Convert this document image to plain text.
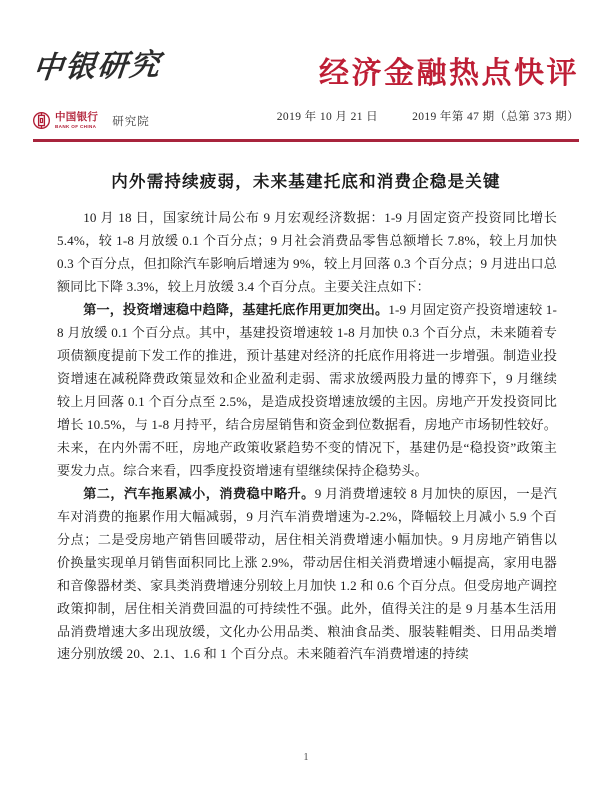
中银研究
中国银行
BANK OF CHINA 研究院
经济金融热点快评
2019 年 10 月 21 日	2019 年第 47 期（总第 373 期）
内外需持续疲弱，未来基建托底和消费企稳是关键

10 月 18 日，国家统计局公布 9 月宏观经济数据：1-9 月固定资产投资同比增长 5.4%，较 1-8 月放缓 0.1 个百分点；9 月社会消费品零售总额增长 7.8%，较上月加快 0.3 个百分点，但扣除汽车影响后增速为 9%，较上月回落 0.3 个百分点；9 月进出口总额同比下降 3.3%，较上月放缓 3.4 个百分点。主要关注点如下：

第一，投资增速稳中趋降，基建托底作用更加突出。1-9 月固定资产投资增速较 1-8 月放缓 0.1 个百分点。其中，基建投资增速较 1-8 月加快 0.3 个百分点，未来随着专项债额度提前下发工作的推进，预计基建对经济的托底作用将进一步增强。制造业投资增速在减税降费政策显效和企业盈利走弱、需求放缓两股力量的博弈下，9 月继续较上月回落 0.1 个百分点至 2.5%，是造成投资增速放缓的主因。房地产开发投资同比增长 10.5%，与 1-8 月持平，结合房屋销售和资金到位数据看，房地产市场韧性较好。未来，在内外需不旺，房地产政策收紧趋势不变的情况下，基建仍是“稳投资”政策主要发力点。综合来看，四季度投资增速有望继续保持企稳势头。

第二，汽车拖累减小，消费稳中略升。9 月消费增速较 8 月加快的原因，一是汽车对消费的拖累作用大幅减弱，9 月汽车消费增速为-2.2%，降幅较上月减小 5.9 个百分点；二是受房地产销售回暖带动，居住相关消费增速小幅加快。9 月房地产销售以价换量实现单月销售面积同比上涨 2.9%，带动居住相关消费增速小幅提高，家用电器和音像器材类、家具类消费增速分别较上月加快 1.2 和 0.6 个百分点。但受房地产调控政策抑制，居住相关消费回温的可持续性不强。此外，值得关注的是 9 月基本生活用品消费增速大多出现放缓，文化办公用品类、粮油食品类、服装鞋帽类、日用品类增速分别放缓 20、2.1、1.6 和 1 个百分点。未来随着汽车消费增速的持续

1
